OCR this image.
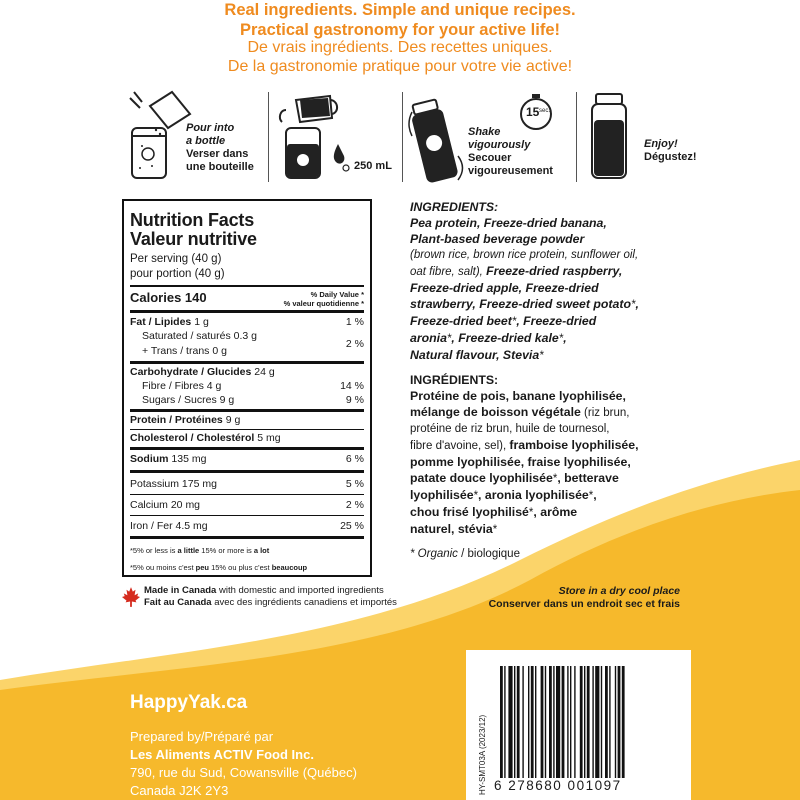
Real ingredients. Simple and unique recipes.
Practical gastronomy for your active life!
De vrais ingrédients. Des recettes uniques.
De la gastronomie pratique pour votre vie active!
Pour into
a bottle
Verser dans
une bouteille	250 mL
15 sec.
Shake
vigourously
Secouer
vigoureusement
Enjoy!
Dégustez!
Nutrition Facts
Valeur nutritive
Per serving (40 g)
pour portion (40 g)
Calories 140	% Daily Value *
% valeur quotidienne *
Fat / Lipides 1 g	1 %
Saturated / saturés 0.3 g
+ Trans / trans 0 g
2 %
Carbohydrate / Glucides 24 g
Fibre / Fibres 4 g	14 %
Sugars / Sucres 9 g	9 %
Protein / Protéines 9 g
Cholesterol / Cholestérol 5 mg
Sodium 135 mg	6 %
Potassium 175 mg	5 %
Calcium 20 mg	2 %
Iron / Fer 4.5 mg	25 %
*5% or less is a little 15% or more is a lot
*5% ou moins c'est peu 15% ou plus c'est beaucoup
Made in Canada with domestic and imported ingredients
Fait au Canada avec des ingrédients canadiens et importés
INGREDIENTS:
Pea protein, Freeze-dried banana,
Plant-based beverage powder
(brown rice, brown rice protein, sunflower oil,
oat fibre, salt), Freeze-dried raspberry,
Freeze-dried apple, Freeze-dried
strawberry, Freeze-dried sweet potato*,
Freeze-dried beet*, Freeze-dried
aronia*, Freeze-dried kale*,
Natural flavour, Stevia*
INGRÉDIENTS:
Protéine de pois, banane lyophilisée,
mélange de boisson végétale (riz brun,
protéine de riz brun, huile de tournesol,
fibre d'avoine, sel), framboise lyophilisée,
pomme lyophilisée, fraise lyophilisée,
patate douce lyophilisée*, betterave
lyophilisée*, aronia lyophilisée*,
chou frisé lyophilisé*, arôme
naturel, stévia*
* Organic / biologique
Store in a dry cool place
Conserver dans un endroit sec et frais
HappyYak.ca
Prepared by/Préparé par
Les Aliments ACTIV Food Inc.
790, rue du Sud, Cowansville (Québec)
Canada J2K 2Y3	HY-SMT03A (2023/12) 6 278680 001097
